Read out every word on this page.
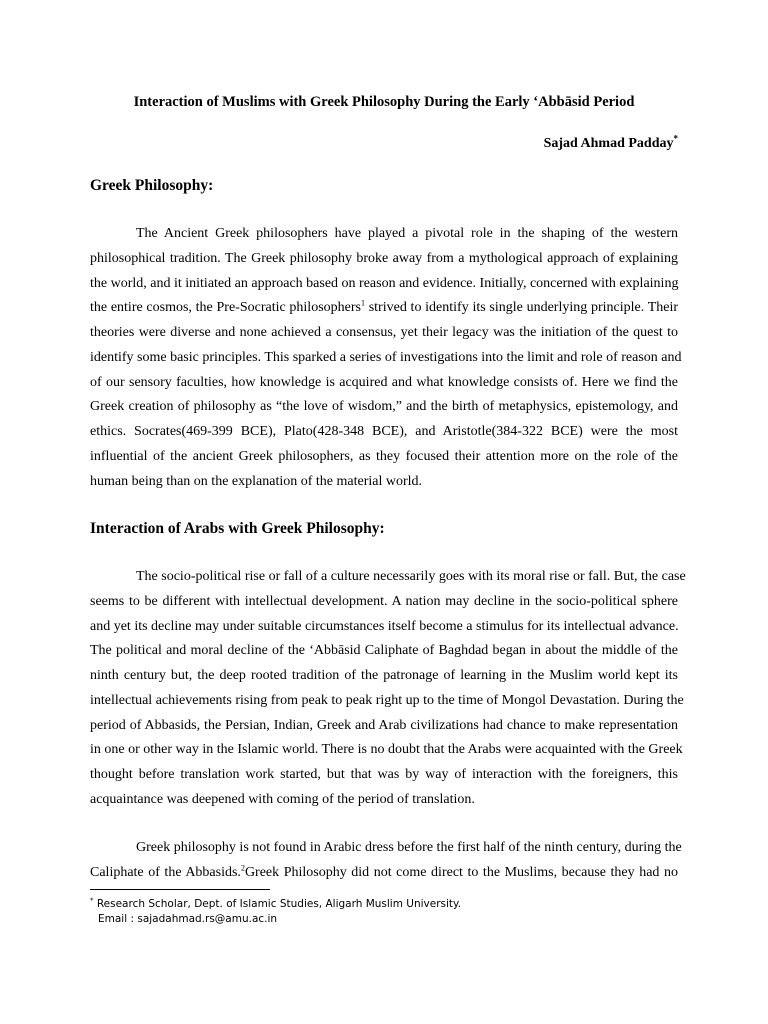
Interaction of Muslims with Greek Philosophy During the Early ‘Abbāsid Period
Sajad Ahmad Padday*
Greek Philosophy:
The Ancient Greek philosophers have played a pivotal role in the shaping of the western
philosophical tradition. The Greek philosophy broke away from a mythological approach of explaining
the world, and it initiated an approach based on reason and evidence. Initially, concerned with explaining
the entire cosmos, the Pre-Socratic philosophers$^1$ strived to identify its single underlying principle. Their
theories were diverse and none achieved a consensus, yet their legacy was the initiation of the quest to
identify some basic principles. This sparked a series of investigations into the limit and role of reason and
of our sensory faculties, how knowledge is acquired and what knowledge consists of. Here we find the
Greek creation of philosophy as “the love of wisdom,” and the birth of metaphysics, epistemology, and
ethics. Socrates(469-399 BCE), Plato(428-348 BCE), and Aristotle(384-322 BCE) were the most
influential of the ancient Greek philosophers, as they focused their attention more on the role of the
human being than on the explanation of the material world.
Interaction of Arabs with Greek Philosophy:
The socio-political rise or fall of a culture necessarily goes with its moral rise or fall. But, the case
seems to be different with intellectual development. A nation may decline in the socio-political sphere
and yet its decline may under suitable circumstances itself become a stimulus for its intellectual advance.
The political and moral decline of the ‘Abbāsid Caliphate of Baghdad began in about the middle of the
ninth century but, the deep rooted tradition of the patronage of learning in the Muslim world kept its
intellectual achievements rising from peak to peak right up to the time of Mongol Devastation. During the
period of Abbasids, the Persian, Indian, Greek and Arab civilizations had chance to make representation
in one or other way in the Islamic world. There is no doubt that the Arabs were acquainted with the Greek
thought before translation work started, but that was by way of interaction with the foreigners, this
acquaintance was deepened with coming of the period of translation.
Greek philosophy is not found in Arabic dress before the first half of the ninth century, during the
Caliphate of the Abbasids.$^2$Greek Philosophy did not come direct to the Muslims, because they had no
* Research Scholar, Dept. of Islamic Studies, Aligarh Muslim University.
Email : sajadahmad.rs@amu.ac.in
